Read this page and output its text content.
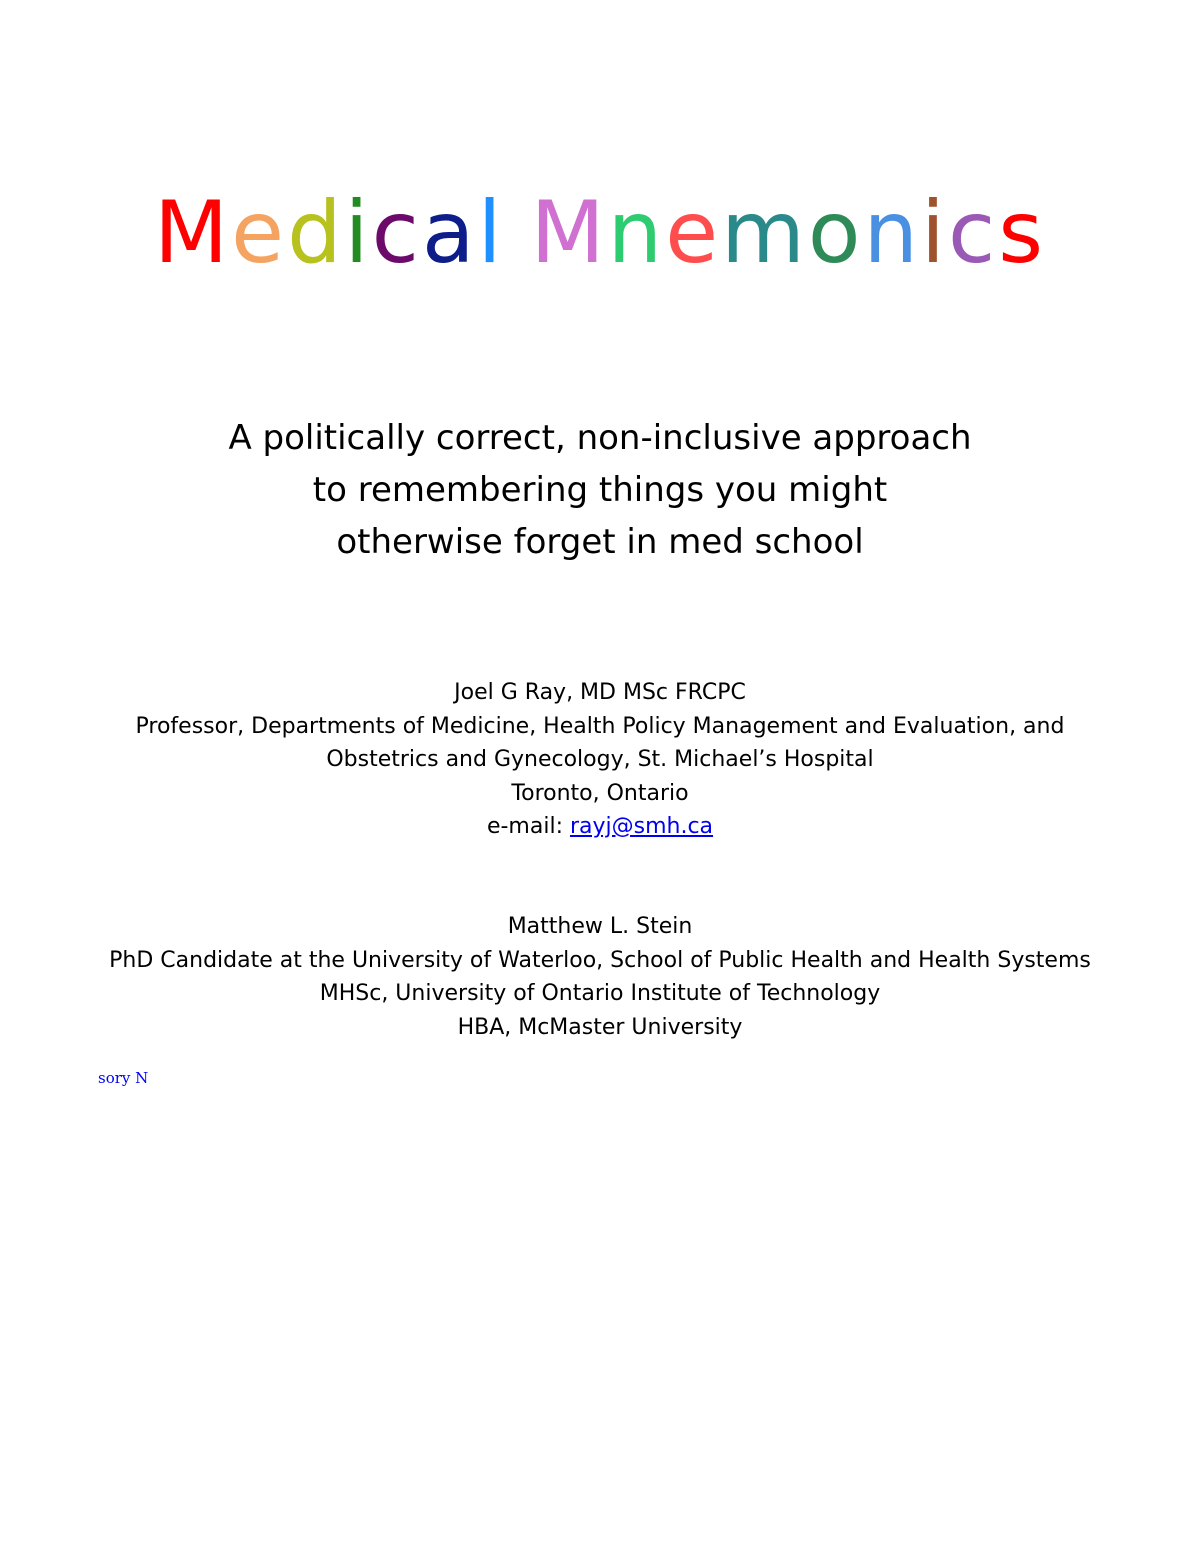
Medical Mnemonics
A politically correct, non-inclusive approach
to remembering things you might
otherwise forget in med school
Joel G Ray, MD MSc FRCPC
Professor, Departments of Medicine, Health Policy Management and Evaluation, and
Obstetrics and Gynecology, St. Michael’s Hospital
Toronto, Ontario
e-mail: rayj@smh.ca
Matthew L. Stein
PhD Candidate at the University of Waterloo, School of Public Health and Health Systems
MHSc, University of Ontario Institute of Technology
HBA, McMaster University
sory N
